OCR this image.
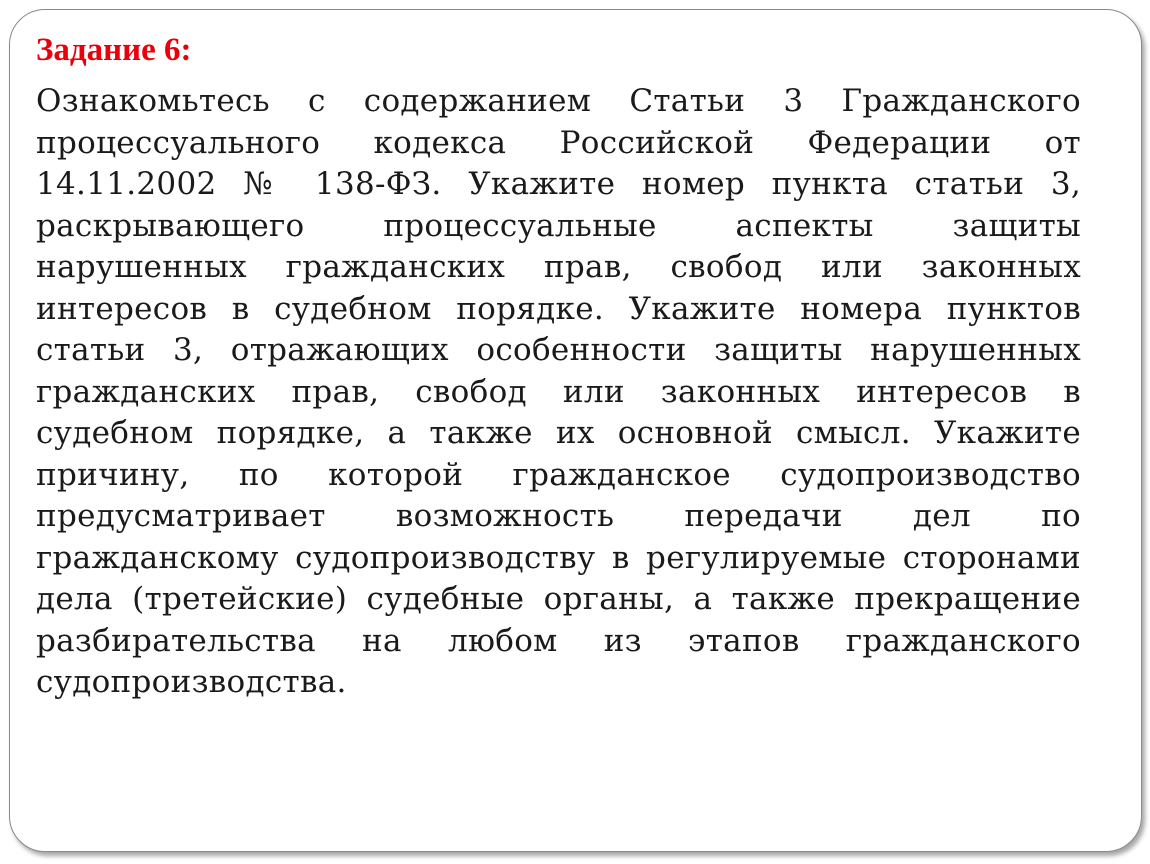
Задание 6:

Ознакомьтесь с содержанием Статьи 3 Гражданского процессуального кодекса Российской Федерации от 14.11.2002 № 138-ФЗ. Укажите номер пункта статьи 3, раскрывающего процессуальные аспекты защиты нарушенных гражданских прав, свобод или законных интересов в судебном порядке. Укажите номера пунктов статьи 3, отражающих особенности защиты нарушенных гражданских прав, свобод или законных интересов в судебном порядке, а также их основной смысл. Укажите причину, по которой гражданское судопроизводство предусматривает возможность передачи дел по гражданскому судопроизводству в регулируемые сторонами дела (третейские) судебные органы, а также прекращение разбирательства на любом из этапов гражданского судопроизводства.
